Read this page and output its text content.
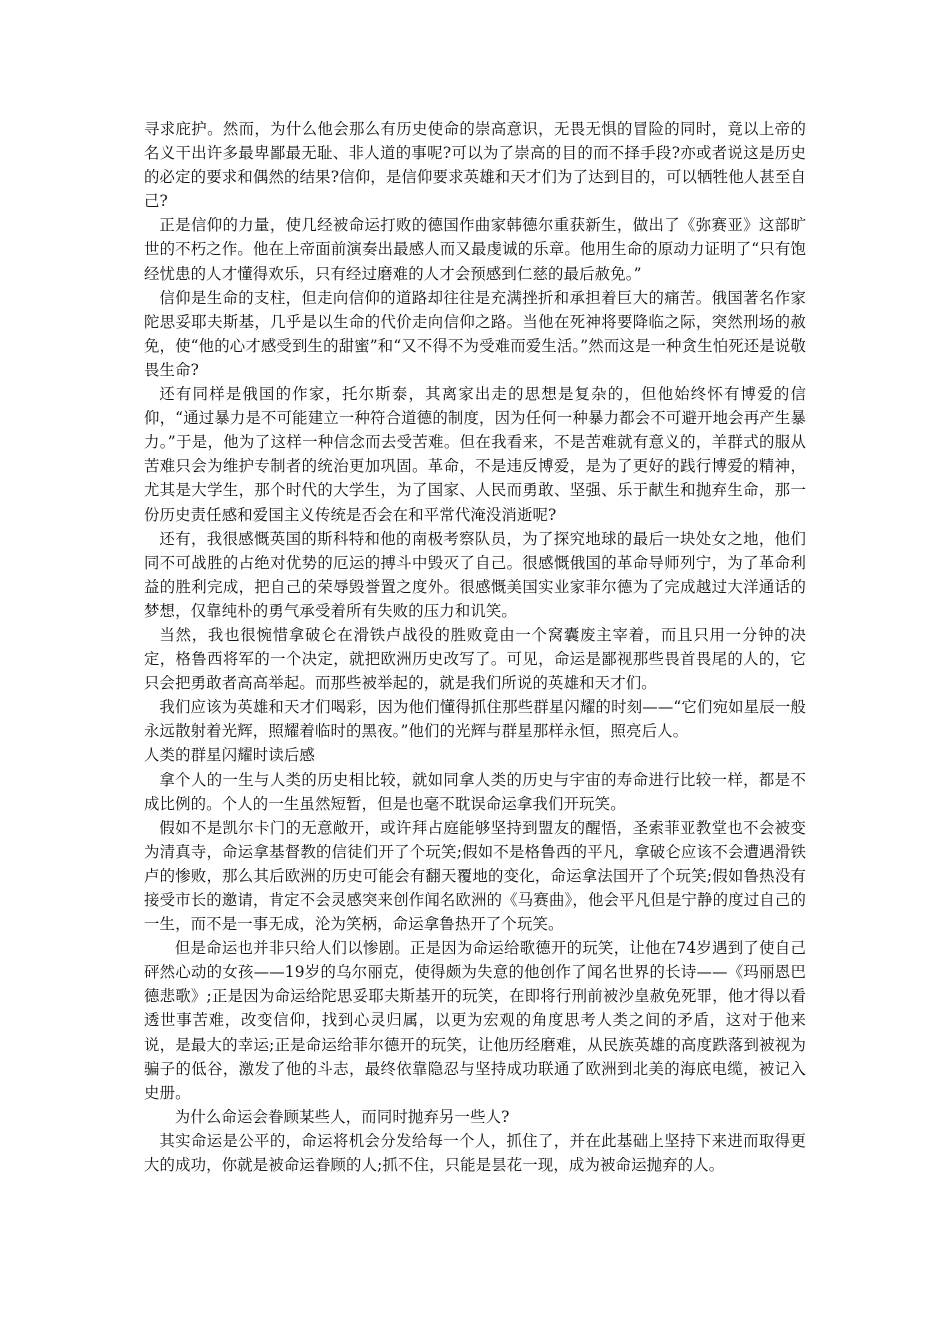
寻求庇护。然而，为什么他会那么有历史使命的崇高意识，无畏无惧的冒险的同时，竟以上帝的名义干出许多最卑鄙最无耻、非人道的事呢?可以为了崇高的目的而不择手段?亦或者说这是历史的必定的要求和偶然的结果?信仰，是信仰要求英雄和天才们为了达到目的，可以牺牲他人甚至自己?

正是信仰的力量，使几经被命运打败的德国作曲家韩德尔重获新生，做出了《弥赛亚》这部旷世的不朽之作。他在上帝面前演奏出最感人而又最虔诚的乐章。他用生命的原动力证明了“只有饱经忧患的人才懂得欢乐，只有经过磨难的人才会预感到仁慈的最后赦免。”

信仰是生命的支柱，但走向信仰的道路却往往是充满挫折和承担着巨大的痛苦。俄国著名作家陀思妥耶夫斯基，几乎是以生命的代价走向信仰之路。当他在死神将要降临之际，突然刑场的赦免，使“他的心才感受到生的甜蜜”和“又不得不为受难而爱生活。”然而这是一种贪生怕死还是说敬畏生命?

还有同样是俄国的作家，托尔斯泰，其离家出走的思想是复杂的，但他始终怀有博爱的信仰，“通过暴力是不可能建立一种符合道德的制度，因为任何一种暴力都会不可避开地会再产生暴力。”于是，他为了这样一种信念而去受苦难。但在我看来，不是苦难就有意义的，羊群式的服从苦难只会为维护专制者的统治更加巩固。革命，不是违反博爱，是为了更好的践行博爱的精神，尤其是大学生，那个时代的大学生，为了国家、人民而勇敢、坚强、乐于献生和抛弃生命，那一份历史责任感和爱国主义传统是否会在和平常代淹没消逝呢?

还有，我很感慨英国的斯科特和他的南极考察队员，为了探究地球的最后一块处女之地，他们同不可战胜的占绝对优势的厄运的搏斗中毁灭了自己。很感慨俄国的革命导师列宁，为了革命利益的胜利完成，把自己的荣辱毁誉置之度外。很感慨美国实业家菲尔德为了完成越过大洋通话的梦想，仅靠纯朴的勇气承受着所有失败的压力和讥笑。

当然，我也很惋惜拿破仑在滑铁卢战役的胜败竟由一个窝囊废主宰着，而且只用一分钟的决定，格鲁西将军的一个决定，就把欧洲历史改写了。可见，命运是鄙视那些畏首畏尾的人的，它只会把勇敢者高高举起。而那些被举起的，就是我们所说的英雄和天才们。

我们应该为英雄和天才们喝彩，因为他们懂得抓住那些群星闪耀的时刻——“它们宛如星辰一般永远散射着光辉，照耀着临时的黑夜。”他们的光辉与群星那样永恒，照亮后人。

人类的群星闪耀时读后感

拿个人的一生与人类的历史相比较，就如同拿人类的历史与宇宙的寿命进行比较一样，都是不成比例的。个人的一生虽然短暂，但是也毫不耽误命运拿我们开玩笑。

假如不是凯尔卡门的无意敞开，或许拜占庭能够坚持到盟友的醒悟，圣索菲亚教堂也不会被变为清真寺，命运拿基督教的信徒们开了个玩笑;假如不是格鲁西的平凡，拿破仑应该不会遭遇滑铁卢的惨败，那么其后欧洲的历史可能会有翻天覆地的变化，命运拿法国开了个玩笑;假如鲁热没有接受市长的邀请，肯定不会灵感突来创作闻名欧洲的《马赛曲》，他会平凡但是宁静的度过自己的一生，而不是一事无成，沦为笑柄，命运拿鲁热开了个玩笑。

但是命运也并非只给人们以惨剧。正是因为命运给歌德开的玩笑，让他在74岁遇到了使自己砰然心动的女孩——19岁的乌尔丽克，使得颇为失意的他创作了闻名世界的长诗——《玛丽恩巴德悲歌》;正是因为命运给陀思妥耶夫斯基开的玩笑，在即将行刑前被沙皇赦免死罪，他才得以看透世事苦难，改变信仰，找到心灵归属，以更为宏观的角度思考人类之间的矛盾，这对于他来说，是最大的幸运;正是命运给菲尔德开的玩笑，让他历经磨难，从民族英雄的高度跌落到被视为骗子的低谷，激发了他的斗志，最终依靠隐忍与坚持成功联通了欧洲到北美的海底电缆，被记入史册。

为什么命运会眷顾某些人，而同时抛弃另一些人?

其实命运是公平的，命运将机会分发给每一个人，抓住了，并在此基础上坚持下来进而取得更大的成功，你就是被命运眷顾的人;抓不住，只能是昙花一现，成为被命运抛弃的人。
